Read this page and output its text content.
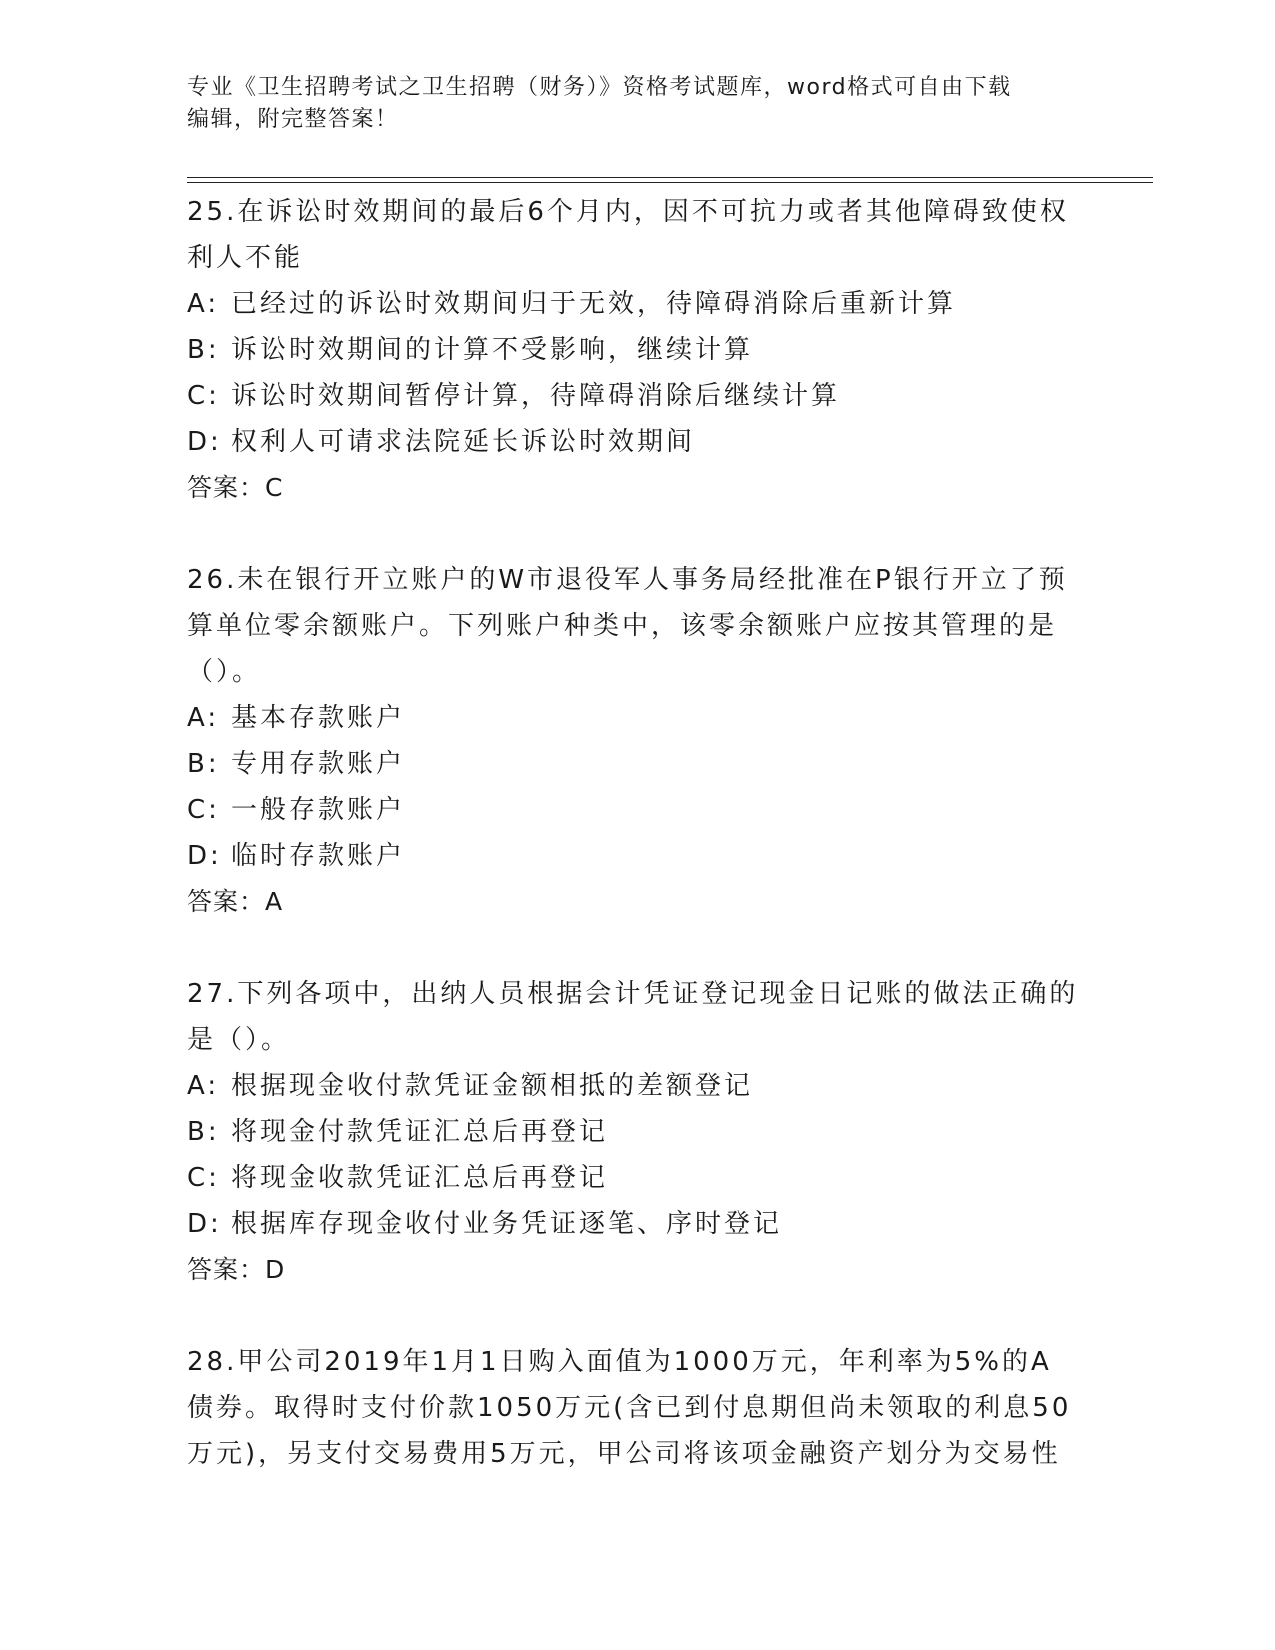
专业《卫生招聘考试之卫生招聘（财务）》资格考试题库，word格式可自由下载
编辑，附完整答案！
25.在诉讼时效期间的最后6个月内，因不可抗力或者其他障碍致使权
利人不能
A: 已经过的诉讼时效期间归于无效，待障碍消除后重新计算
B: 诉讼时效期间的计算不受影响，继续计算
C: 诉讼时效期间暂停计算，待障碍消除后继续计算
D: 权利人可请求法院延长诉讼时效期间
答案：C
26.未在银行开立账户的W市退役军人事务局经批准在P银行开立了预
算单位零余额账户。下列账户种类中，该零余额账户应按其管理的是
（）。
A: 基本存款账户
B: 专用存款账户
C: 一般存款账户
D: 临时存款账户
答案：A
27.下列各项中，出纳人员根据会计凭证登记现金日记账的做法正确的
是（）。
A: 根据现金收付款凭证金额相抵的差额登记
B: 将现金付款凭证汇总后再登记
C: 将现金收款凭证汇总后再登记
D: 根据库存现金收付业务凭证逐笔、序时登记
答案：D
28.甲公司2019年1月1日购入面值为1000万元，年利率为5%的A
债券。取得时支付价款1050万元(含已到付息期但尚未领取的利息50
万元)，另支付交易费用5万元，甲公司将该项金融资产划分为交易性
